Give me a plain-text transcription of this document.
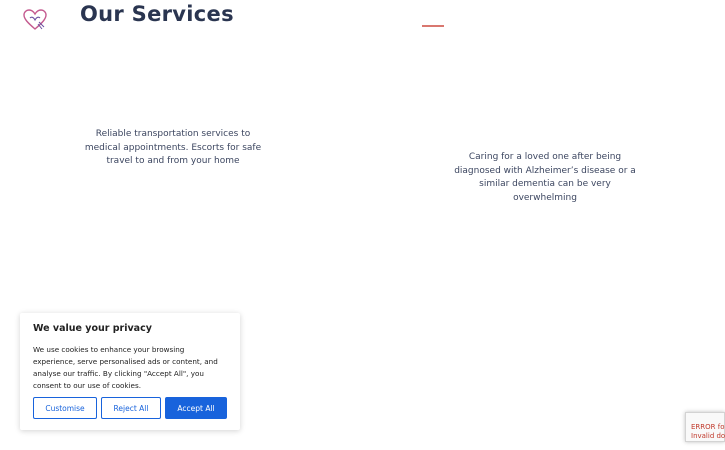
Our Services

Reliable transportation services to medical appointments. Escorts for safe travel to and from your home	Caring for a loved one after being diagnosed with Alzheimer’s disease or a similar dementia can be very overwhelming

We value your privacy

We use cookies to enhance your browsing experience, serve personalised ads or content, and analyse our traffic. By clicking "Accept All", you consent to our use of cookies.

Customise	Reject All	Accept All
ERROR fo
Invalid do
